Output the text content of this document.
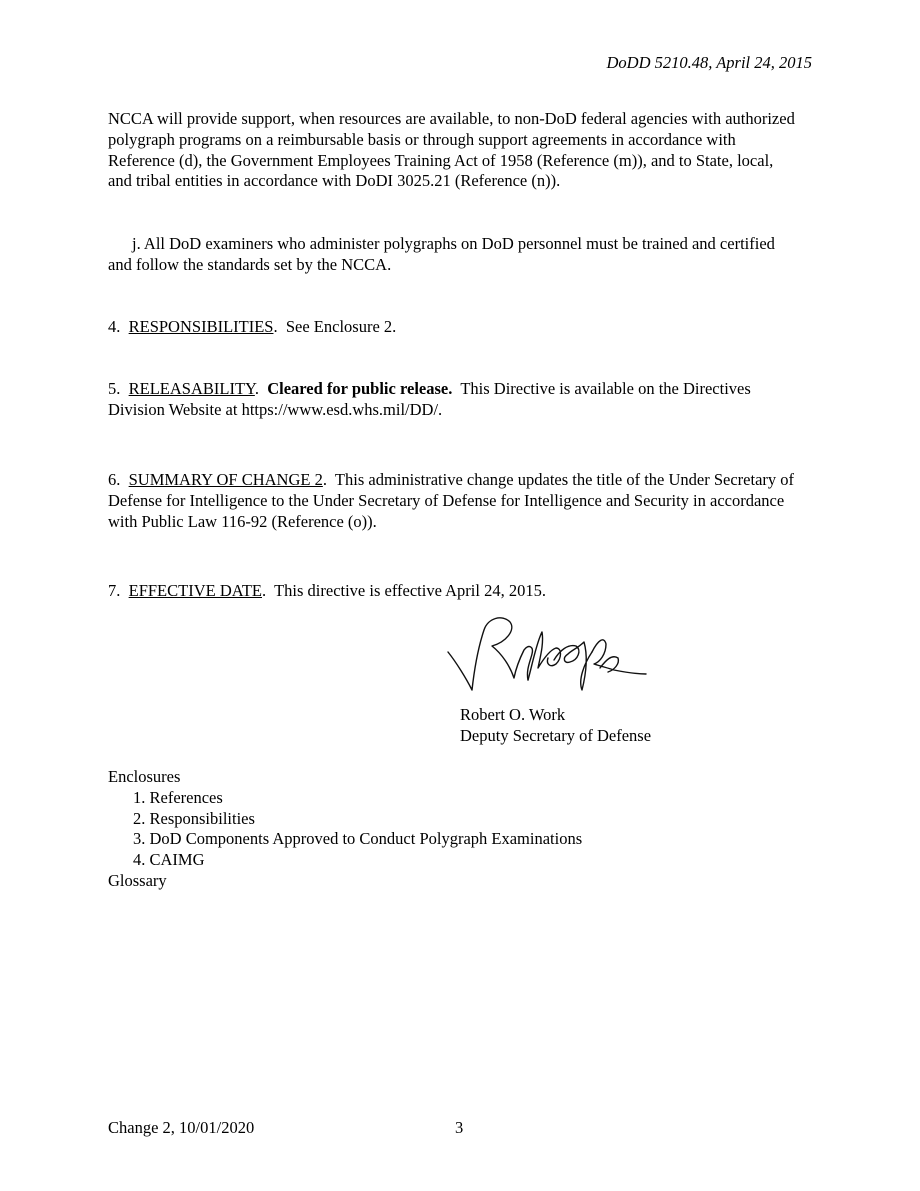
DoDD 5210.48, April 24, 2015
NCCA will provide support, when resources are available, to non-DoD federal agencies with authorized polygraph programs on a reimbursable basis or through support agreements in accordance with Reference (d), the Government Employees Training Act of 1958 (Reference (m)), and to State, local, and tribal entities in accordance with DoDI 3025.21 (Reference (n)).
j. All DoD examiners who administer polygraphs on DoD personnel must be trained and certified and follow the standards set by the NCCA.
4. RESPONSIBILITIES.  See Enclosure 2.
5. RELEASABILITY.  Cleared for public release. This Directive is available on the Directives Division Website at https://www.esd.whs.mil/DD/.
6. SUMMARY OF CHANGE 2.  This administrative change updates the title of the Under Secretary of Defense for Intelligence to the Under Secretary of Defense for Intelligence and Security in accordance with Public Law 116-92 (Reference (o)).
7. EFFECTIVE DATE.  This directive is effective April 24, 2015.
Robert O. Work
Deputy Secretary of Defense
Enclosures
1. References
2. Responsibilities
3. DoD Components Approved to Conduct Polygraph Examinations
4. CAIMG
Glossary
Change 2, 10/01/2020	3
